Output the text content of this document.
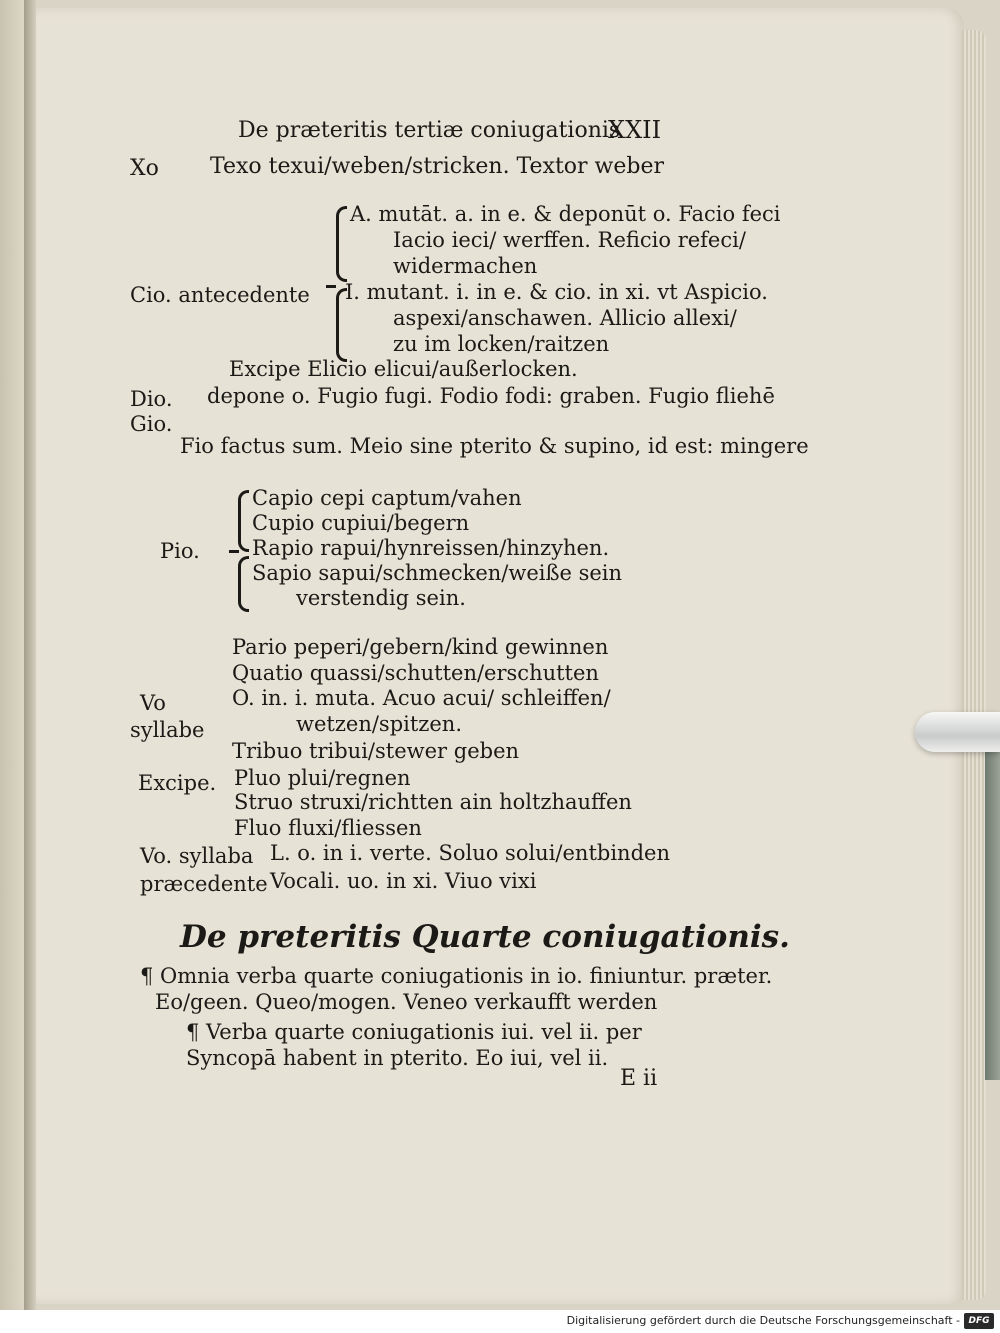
De præteritis tertiæ coniugationis
XXII
Xo Texo texui/weben/stricken. Textor weber
A. mutāt. a. in e. & deponūt o. Facio feci
Iacio ieci/ werffen. Reficio refeci/
widermachen
Cio. antecedente I. mutant. i. in e. & cio. in xi. vt Aspicio.
aspexi/anschawen. Allicio allexi/
zu im locken/raitzen
Excipe Elicio elicui/außerlocken.
Dio.
Gio.
depone o. Fugio fugi. Fodio fodi: graben. Fugio fliehē
Fio factus sum. Meio sine pterito & supino, id est: mingere
Capio cepi captum/vahen
Cupio cupiui/begern
Pio. Rapio rapui/hynreissen/hinzyhen.
Sapio sapui/schmecken/weiße sein
verstendig sein.
Pario peperi/gebern/kind gewinnen
Quatio quassi/schutten/erschutten
Vo
syllabe
O. in. i. muta. Acuo acui/ schleiffen/
wetzen/spitzen.
Tribuo tribui/stewer geben
Excipe. Pluo plui/regnen
Struo struxi/richtten ain holtzhauffen
Fluo fluxi/fliessen
Vo. syllaba
præcedente
L. o. in i. verte. Soluo solui/entbinden
Vocali. uo. in xi. Viuo vixi
De preteritis Quarte coniugationis.
¶ Omnia verba quarte coniugationis in io. finiuntur. præter.
Eo/geen. Queo/mogen. Veneo verkaufft werden
¶ Verba quarte coniugationis iui. vel ii. per
Syncopā habent in pterito. Eo iui, vel ii.
E ii
Digitalisierung gefördert durch die Deutsche Forschungsgemeinschaft - DFG
